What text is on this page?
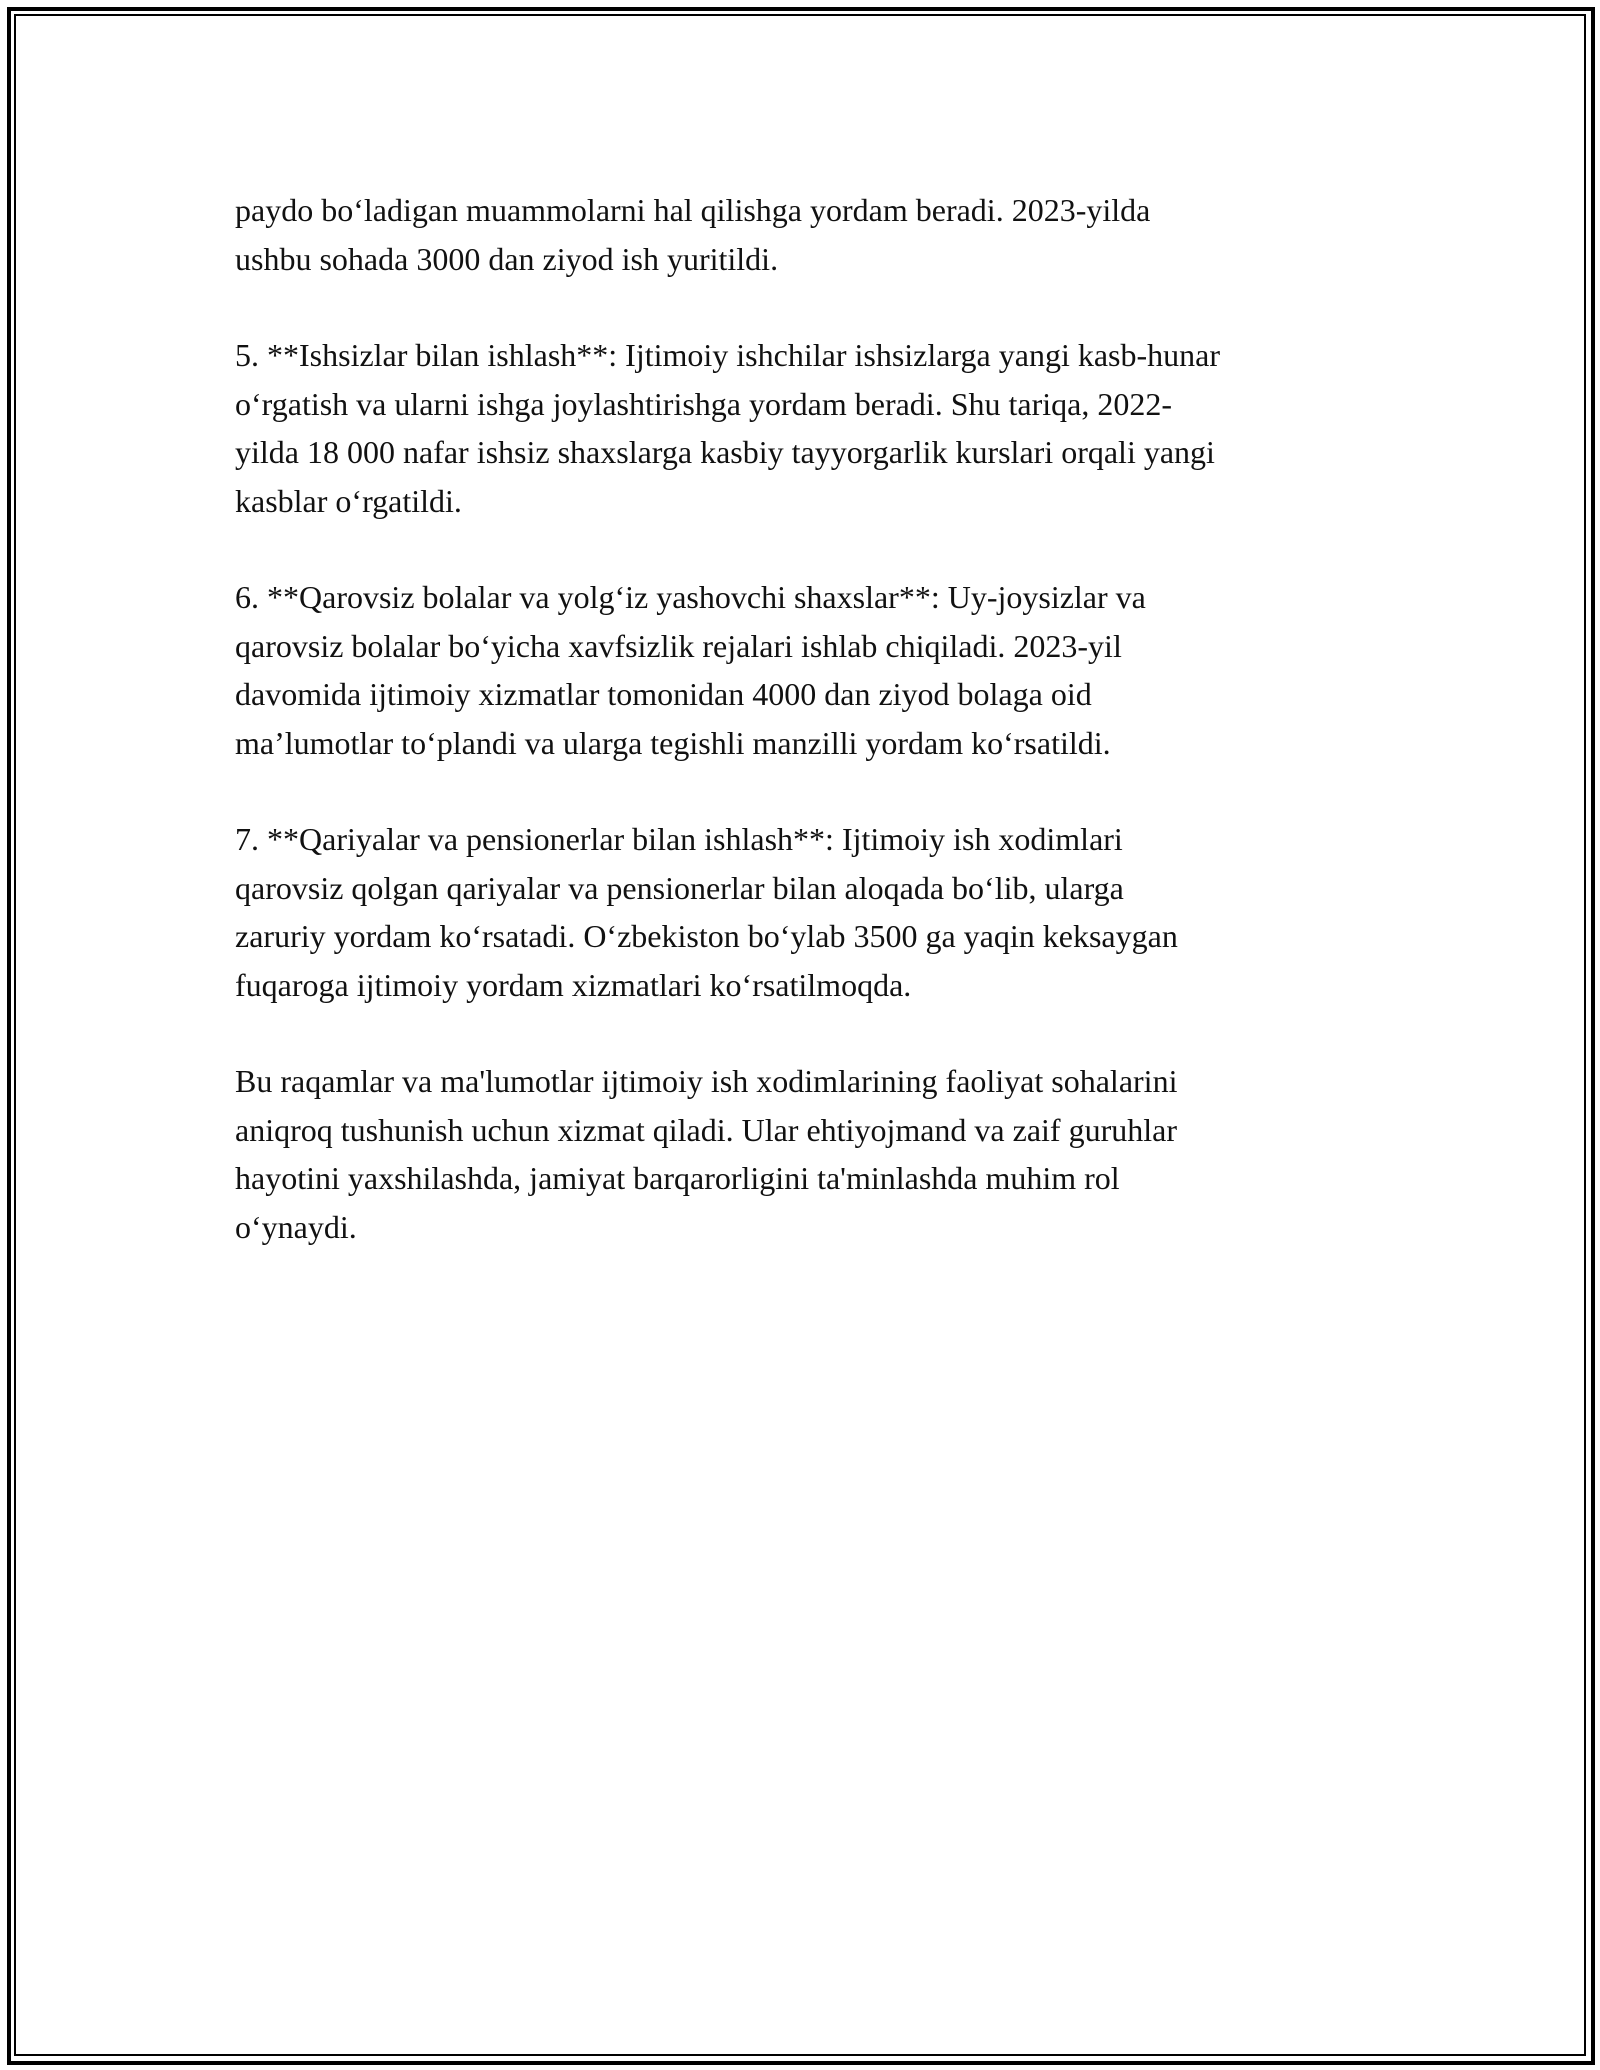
paydo boʻladigan muammolarni hal qilishga yordam beradi. 2023-yilda
ushbu sohada 3000 dan ziyod ish yuritildi.

5. **Ishsizlar bilan ishlash**: Ijtimoiy ishchilar ishsizlarga yangi kasb-hunar
oʻrgatish va ularni ishga joylashtirishga yordam beradi. Shu tariqa, 2022-
yilda 18 000 nafar ishsiz shaxslarga kasbiy tayyorgarlik kurslari orqali yangi
kasblar oʻrgatildi.

6. **Qarovsiz bolalar va yolgʻiz yashovchi shaxslar**: Uy-joysizlar va
qarovsiz bolalar boʻyicha xavfsizlik rejalari ishlab chiqiladi. 2023-yil
davomida ijtimoiy xizmatlar tomonidan 4000 dan ziyod bolaga oid
maʼlumotlar toʻplandi va ularga tegishli manzilli yordam koʻrsatildi.

7. **Qariyalar va pensionerlar bilan ishlash**: Ijtimoiy ish xodimlari
qarovsiz qolgan qariyalar va pensionerlar bilan aloqada boʻlib, ularga
zaruriy yordam koʻrsatadi. Oʻzbekiston boʻylab 3500 ga yaqin keksaygan
fuqaroga ijtimoiy yordam xizmatlari koʻrsatilmoqda.

Bu raqamlar va ma'lumotlar ijtimoiy ish xodimlarining faoliyat sohalarini
aniqroq tushunish uchun xizmat qiladi. Ular ehtiyojmand va zaif guruhlar
hayotini yaxshilashda, jamiyat barqarorligini ta'minlashda muhim rol
oʻynaydi.
